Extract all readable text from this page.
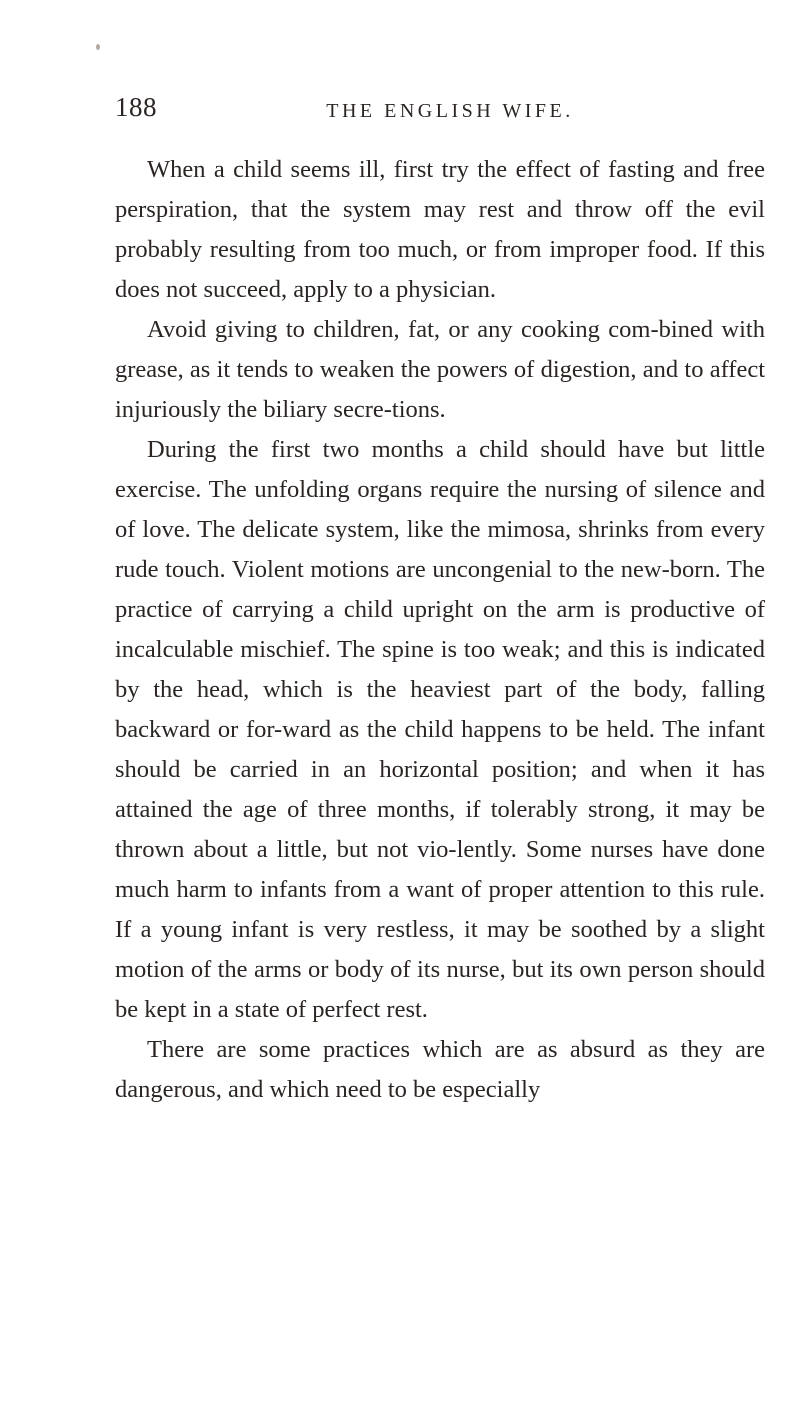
188	THE ENGLISH WIFE.

When a child seems ill, first try the effect of fasting and free perspiration, that the system may rest and throw off the evil probably resulting from too much, or from improper food. If this does not succeed, apply to a physician.

Avoid giving to children, fat, or any cooking com-bined with grease, as it tends to weaken the powers of digestion, and to affect injuriously the biliary secre-tions.

During the first two months a child should have but little exercise. The unfolding organs require the nursing of silence and of love. The delicate system, like the mimosa, shrinks from every rude touch. Violent motions are uncongenial to the new-born. The practice of carrying a child upright on the arm is productive of incalculable mischief. The spine is too weak; and this is indicated by the head, which is the heaviest part of the body, falling backward or for-ward as the child happens to be held. The infant should be carried in an horizontal position; and when it has attained the age of three months, if tolerably strong, it may be thrown about a little, but not vio-lently. Some nurses have done much harm to infants from a want of proper attention to this rule. If a young infant is very restless, it may be soothed by a slight motion of the arms or body of its nurse, but its own person should be kept in a state of perfect rest.

There are some practices which are as absurd as they are dangerous, and which need to be especially
